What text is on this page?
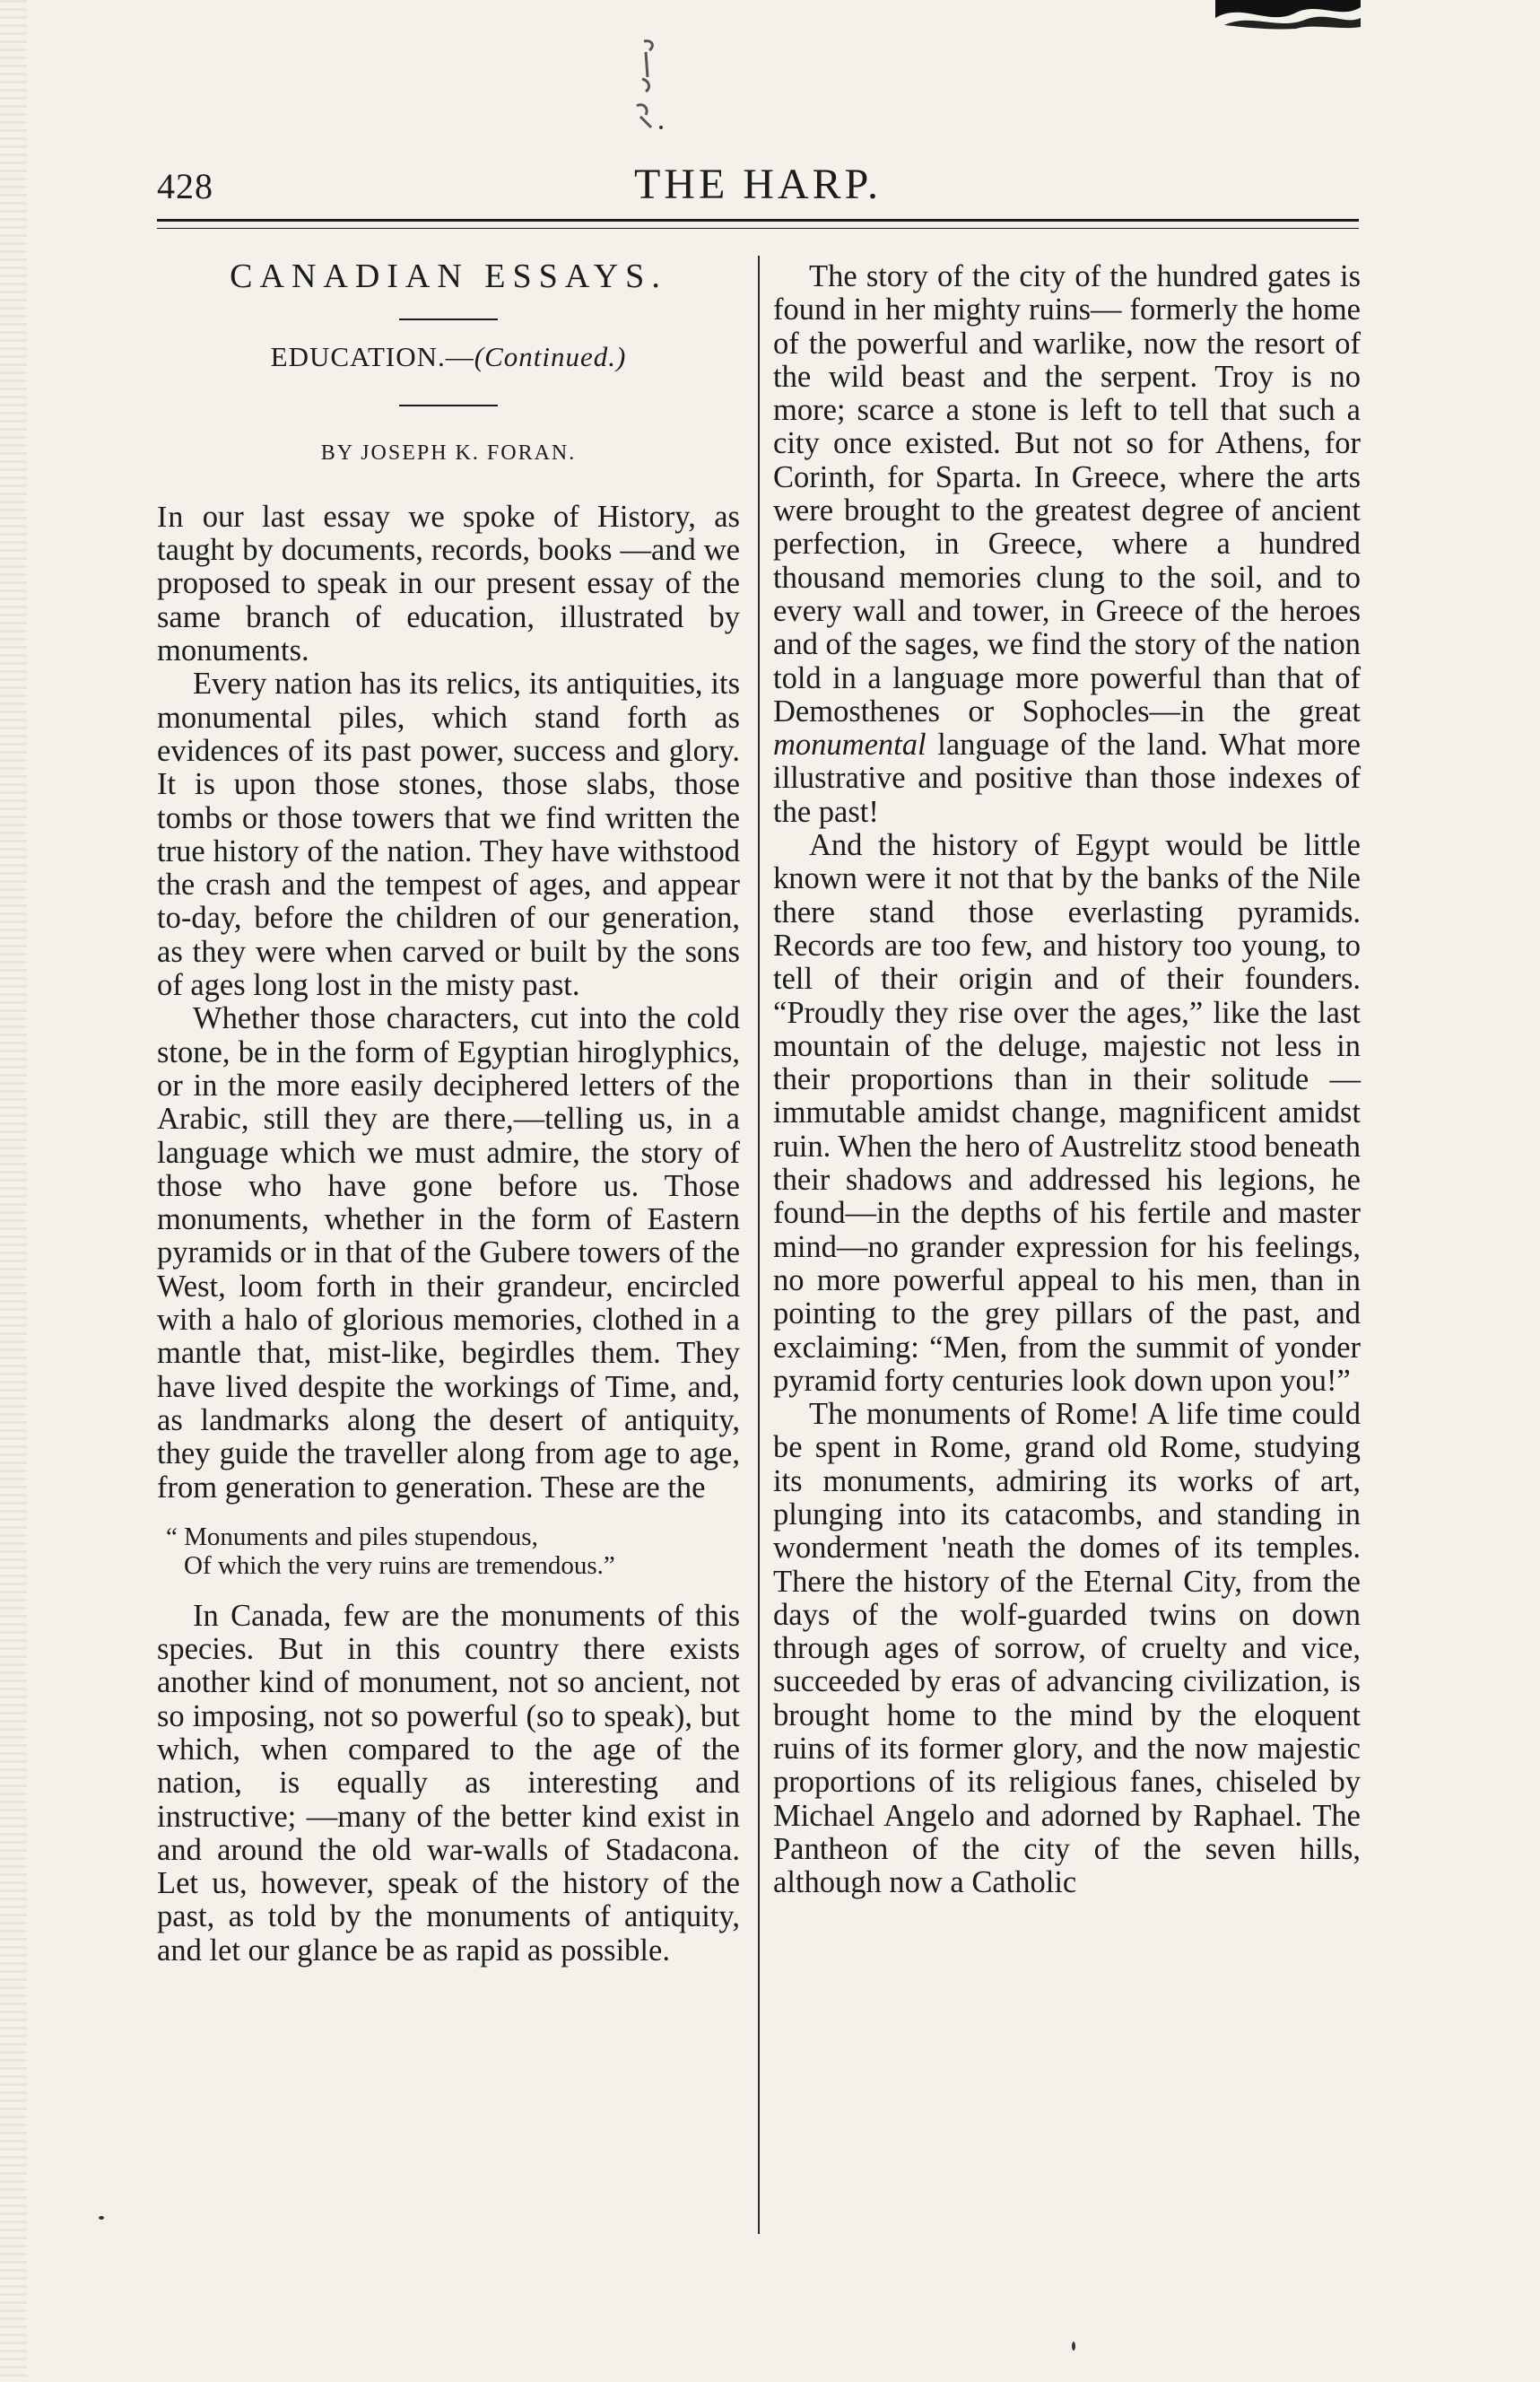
428	THE HARP.
CANADIAN ESSAYS.
EDUCATION.—(Continued.)
BY JOSEPH K. FORAN.

In our last essay we spoke of History, as taught by documents, records, books —and we proposed to speak in our present essay of the same branch of education, illustrated by monuments.

Every nation has its relics, its antiquities, its monumental piles, which stand forth as evidences of its past power, success and glory. It is upon those stones, those slabs, those tombs or those towers that we find written the true history of the nation. They have withstood the crash and the tempest of ages, and appear to-day, before the children of our generation, as they were when carved or built by the sons of ages long lost in the misty past.

Whether those characters, cut into the cold stone, be in the form of Egyptian hiroglyphics, or in the more easily deciphered letters of the Arabic, still they are there,—telling us, in a language which we must admire, the story of those who have gone before us. Those monuments, whether in the form of Eastern pyramids or in that of the Gubere towers of the West, loom forth in their grandeur, encircled with a halo of glorious memories, clothed in a mantle that, mist-like, begirdles them. They have lived despite the workings of Time, and, as landmarks along the desert of antiquity, they guide the traveller along from age to age, from generation to generation. These are the

“ Monuments and piles stupendous,
Of which the very ruins are tremendous.”

In Canada, few are the monuments of this species. But in this country there exists another kind of monument, not so ancient, not so imposing, not so powerful (so to speak), but which, when compared to the age of the nation, is equally as interesting and instructive; —many of the better kind exist in and around the old war-walls of Stadacona. Let us, however, speak of the history of the past, as told by the monuments of antiquity, and let our glance be as rapid as possible.

The story of the city of the hundred gates is found in her mighty ruins— formerly the home of the powerful and warlike, now the resort of the wild beast and the serpent. Troy is no more; scarce a stone is left to tell that such a city once existed. But not so for Athens, for Corinth, for Sparta. In Greece, where the arts were brought to the greatest degree of ancient perfection, in Greece, where a hundred thousand memories clung to the soil, and to every wall and tower, in Greece of the heroes and of the sages, we find the story of the nation told in a language more powerful than that of Demosthenes or Sophocles—in the great monumental language of the land. What more illustrative and positive than those indexes of the past!

And the history of Egypt would be little known were it not that by the banks of the Nile there stand those everlasting pyramids. Records are too few, and history too young, to tell of their origin and of their founders. “Proudly they rise over the ages,” like the last mountain of the deluge, majestic not less in their proportions than in their solitude — immutable amidst change, magnificent amidst ruin. When the hero of Austrelitz stood beneath their shadows and addressed his legions, he found—in the depths of his fertile and master mind—no grander expression for his feelings, no more powerful appeal to his men, than in pointing to the grey pillars of the past, and exclaiming: “Men, from the summit of yonder pyramid forty centuries look down upon you!”

The monuments of Rome! A life time could be spent in Rome, grand old Rome, studying its monuments, admiring its works of art, plunging into its catacombs, and standing in wonderment 'neath the domes of its temples. There the history of the Eternal City, from the days of the wolf-guarded twins on down through ages of sorrow, of cruelty and vice, succeeded by eras of advancing civilization, is brought home to the mind by the eloquent ruins of its former glory, and the now majestic proportions of its religious fanes, chiseled by Michael Angelo and adorned by Raphael. The Pantheon of the city of the seven hills, although now a Catholic
